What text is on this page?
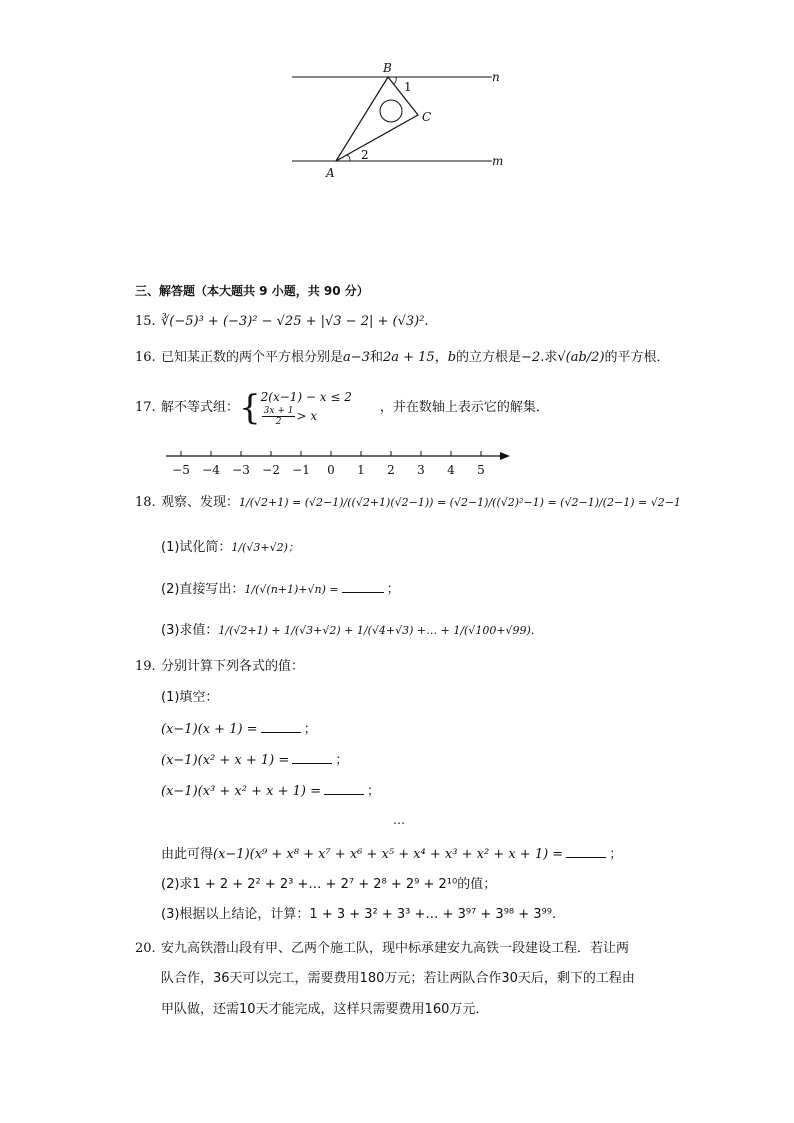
B
1
C
2
A
n
m
三、解答题（本大题共 9 小题，共 90 分）
15. ∛(−5)³ + (−3)² − √25 + |√3 − 2| + (√3)².
16. 已知某正数的两个平方根分别是a−3和2a + 15，b的立方根是−2.求√(ab/2)的平方根．
17. 解不等式组：{ 2(x−1) − x ≤ 2
$\frac{3x + 1}{2} > x$
，并在数轴上表示它的解集．
−5 −4 −3 −2 −1	0	1	2	3	4	5
18. 观察、发现：1/(√2+1) = (√2−1)/((√2+1)(√2−1)) = (√2−1)/((√2)²−1) = (√2−1)/(2−1) = √2−1
(1)试化简：1/(√3+√2)；
(2)直接写出：1/(√(n+1)+√n) =	；
(3)求值：1/(√2+1) + 1/(√3+√2) + 1/(√4+√3) +… + 1/(√100+√99).
19. 分别计算下列各式的值：
(1)填空：
(x−1)(x + 1) =	；
(x−1)(x² + x + 1) =	；
(x−1)(x³ + x² + x + 1) =	；
…
由此可得(x−1)(x⁹ + x⁸ + x⁷ + x⁶ + x⁵ + x⁴ + x³ + x² + x + 1) =	；
(2)求1 + 2 + 2² + 2³ +… + 2⁷ + 2⁸ + 2⁹ + 2¹⁰的值；
(3)根据以上结论，计算：1 + 3 + 3² + 3³ +… + 3⁹⁷ + 3⁹⁸ + 3⁹⁹.
20. 安九高铁潜山段有甲、乙两个施工队，现中标承建安九高铁一段建设工程．若让两
队合作，36天可以完工，需要费用180万元；若让两队合作30天后，剩下的工程由
甲队做，还需10天才能完成，这样只需要费用160万元．
